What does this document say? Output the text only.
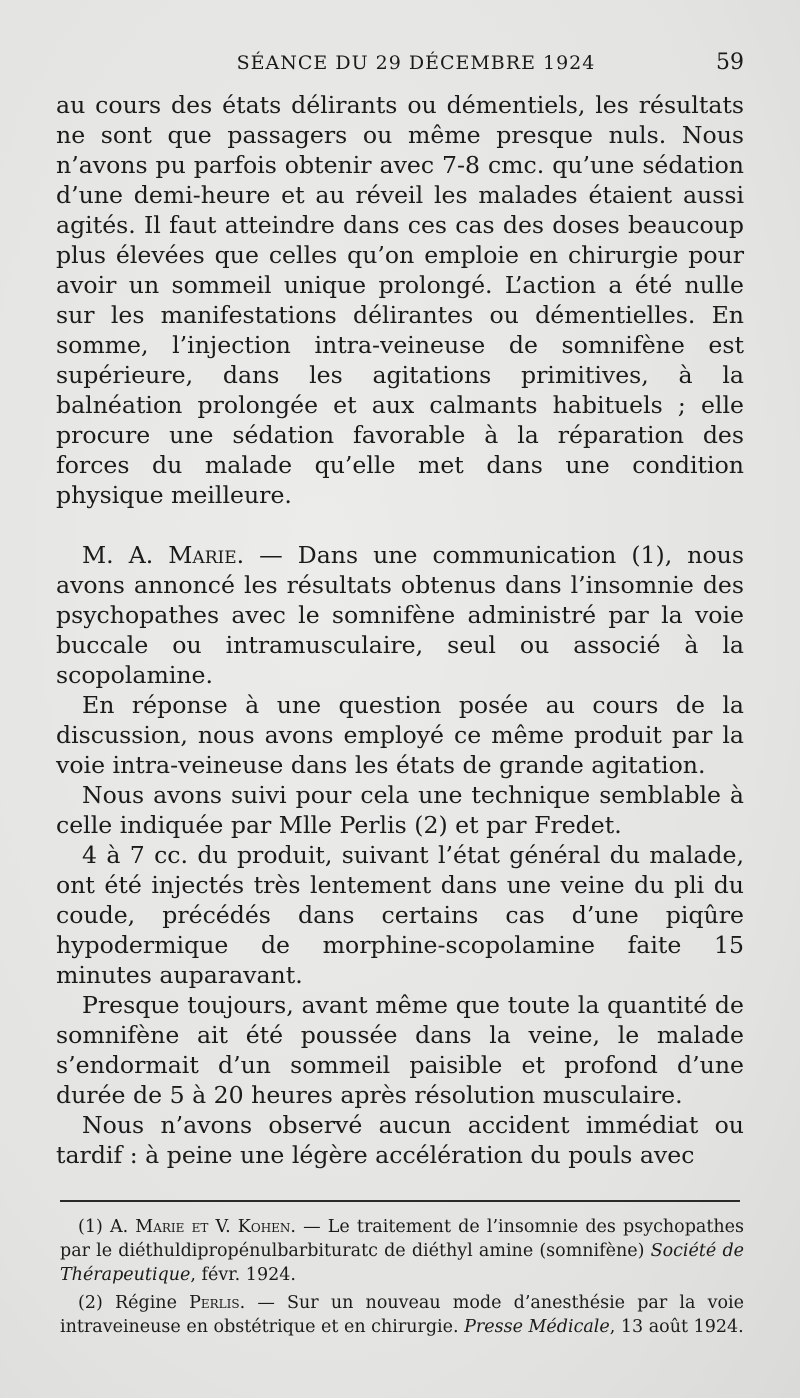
SÉANCE DU 29 DÉCEMBRE 1924	59

au cours des états délirants ou démentiels, les résultats ne sont que passagers ou même presque nuls. Nous n’avons pu parfois obtenir avec 7-8 cmc. qu’une sédation d’une demi-heure et au réveil les malades étaient aussi agités. Il faut atteindre dans ces cas des doses beaucoup plus élevées que celles qu’on emploie en chirurgie pour avoir un sommeil unique prolongé. L’action a été nulle sur les manifestations délirantes ou démentielles. En somme, l’injection intra-veineuse de somnifène est supérieure, dans les agitations primitives, à la balnéation prolongée et aux calmants habituels ; elle procure une sédation favorable à la réparation des forces du malade qu’elle met dans une condition physique meilleure.

M. A. Marie. — Dans une communication (1), nous avons annoncé les résultats obtenus dans l’insomnie des psychopathes avec le somnifène administré par la voie buccale ou intramusculaire, seul ou associé à la scopolamine.

En réponse à une question posée au cours de la discussion, nous avons employé ce même produit par la voie intra-veineuse dans les états de grande agitation.

Nous avons suivi pour cela une technique semblable à celle indiquée par Mlle Perlis (2) et par Fredet.

4 à 7 cc. du produit, suivant l’état général du malade, ont été injectés très lentement dans une veine du pli du coude, précédés dans certains cas d’une piqûre hypodermique de morphine-scopolamine faite 15 minutes auparavant.

Presque toujours, avant même que toute la quantité de somnifène ait été poussée dans la veine, le malade s’endormait d’un sommeil paisible et profond d’une durée de 5 à 20 heures après résolution musculaire.

Nous n’avons observé aucun accident immédiat ou tardif : à peine une légère accélération du pouls avec

(1) A. Marie et V. Kohen. — Le traitement de l’insomnie des psychopathes par le diéthuldipropénulbarbituratc de diéthyl amine (somnifène) Société de Thérapeutique, févr. 1924.

(2) Régine Perlis. — Sur un nouveau mode d’anesthésie par la voie intraveineuse en obstétrique et en chirurgie. Presse Médicale, 13 août 1924.
